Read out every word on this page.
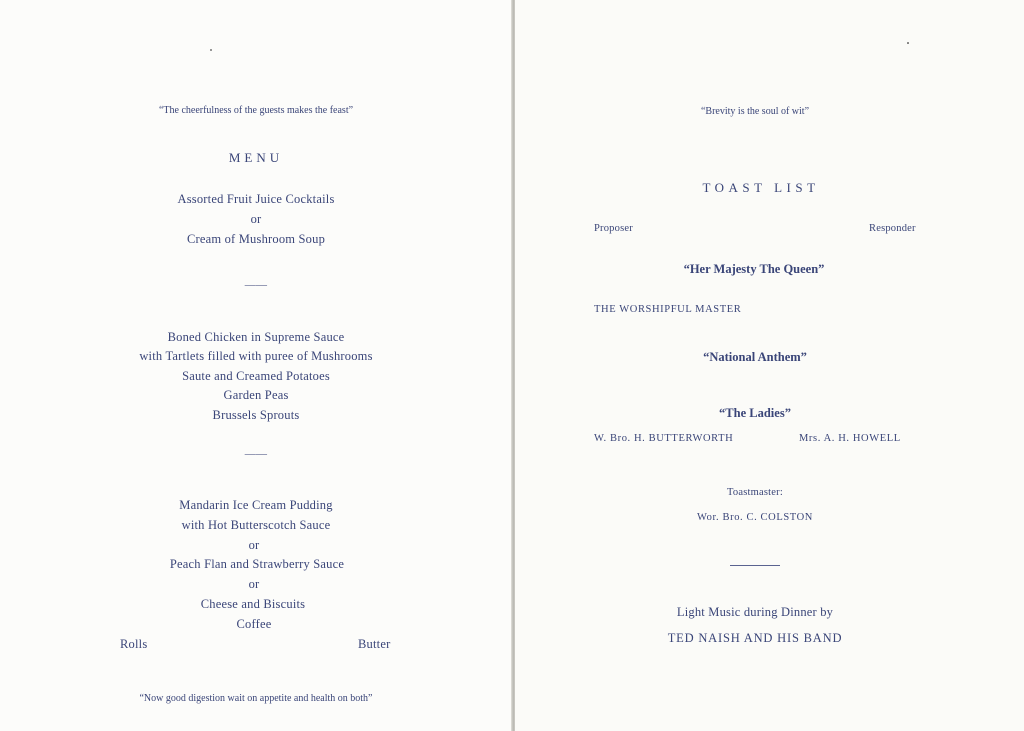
“The cheerfulness of the guests makes the feast”
MENU
Assorted Fruit Juice Cocktails
or
Cream of Mushroom Soup
——
Boned Chicken in Supreme Sauce
with Tartlets filled with puree of Mushrooms
Saute and Creamed Potatoes
Garden Peas
Brussels Sprouts
——
Mandarin Ice Cream Pudding
with Hot Butterscotch Sauce
or
Peach Flan and Strawberry Sauce
or
Cheese and Biscuits
Coffee
Rolls	Butter
“Now good digestion wait on appetite and health on both”
“Brevity is the soul of wit”
TOAST LIST
Proposer	Responder
“Her Majesty The Queen”
THE WORSHIPFUL MASTER
“National Anthem”
“The Ladies”
W. Bro. H. BUTTERWORTH	Mrs. A. H. HOWELL
Toastmaster:
Wor. Bro. C. COLSTON
Light Music during Dinner by
TED NAISH AND HIS BAND
